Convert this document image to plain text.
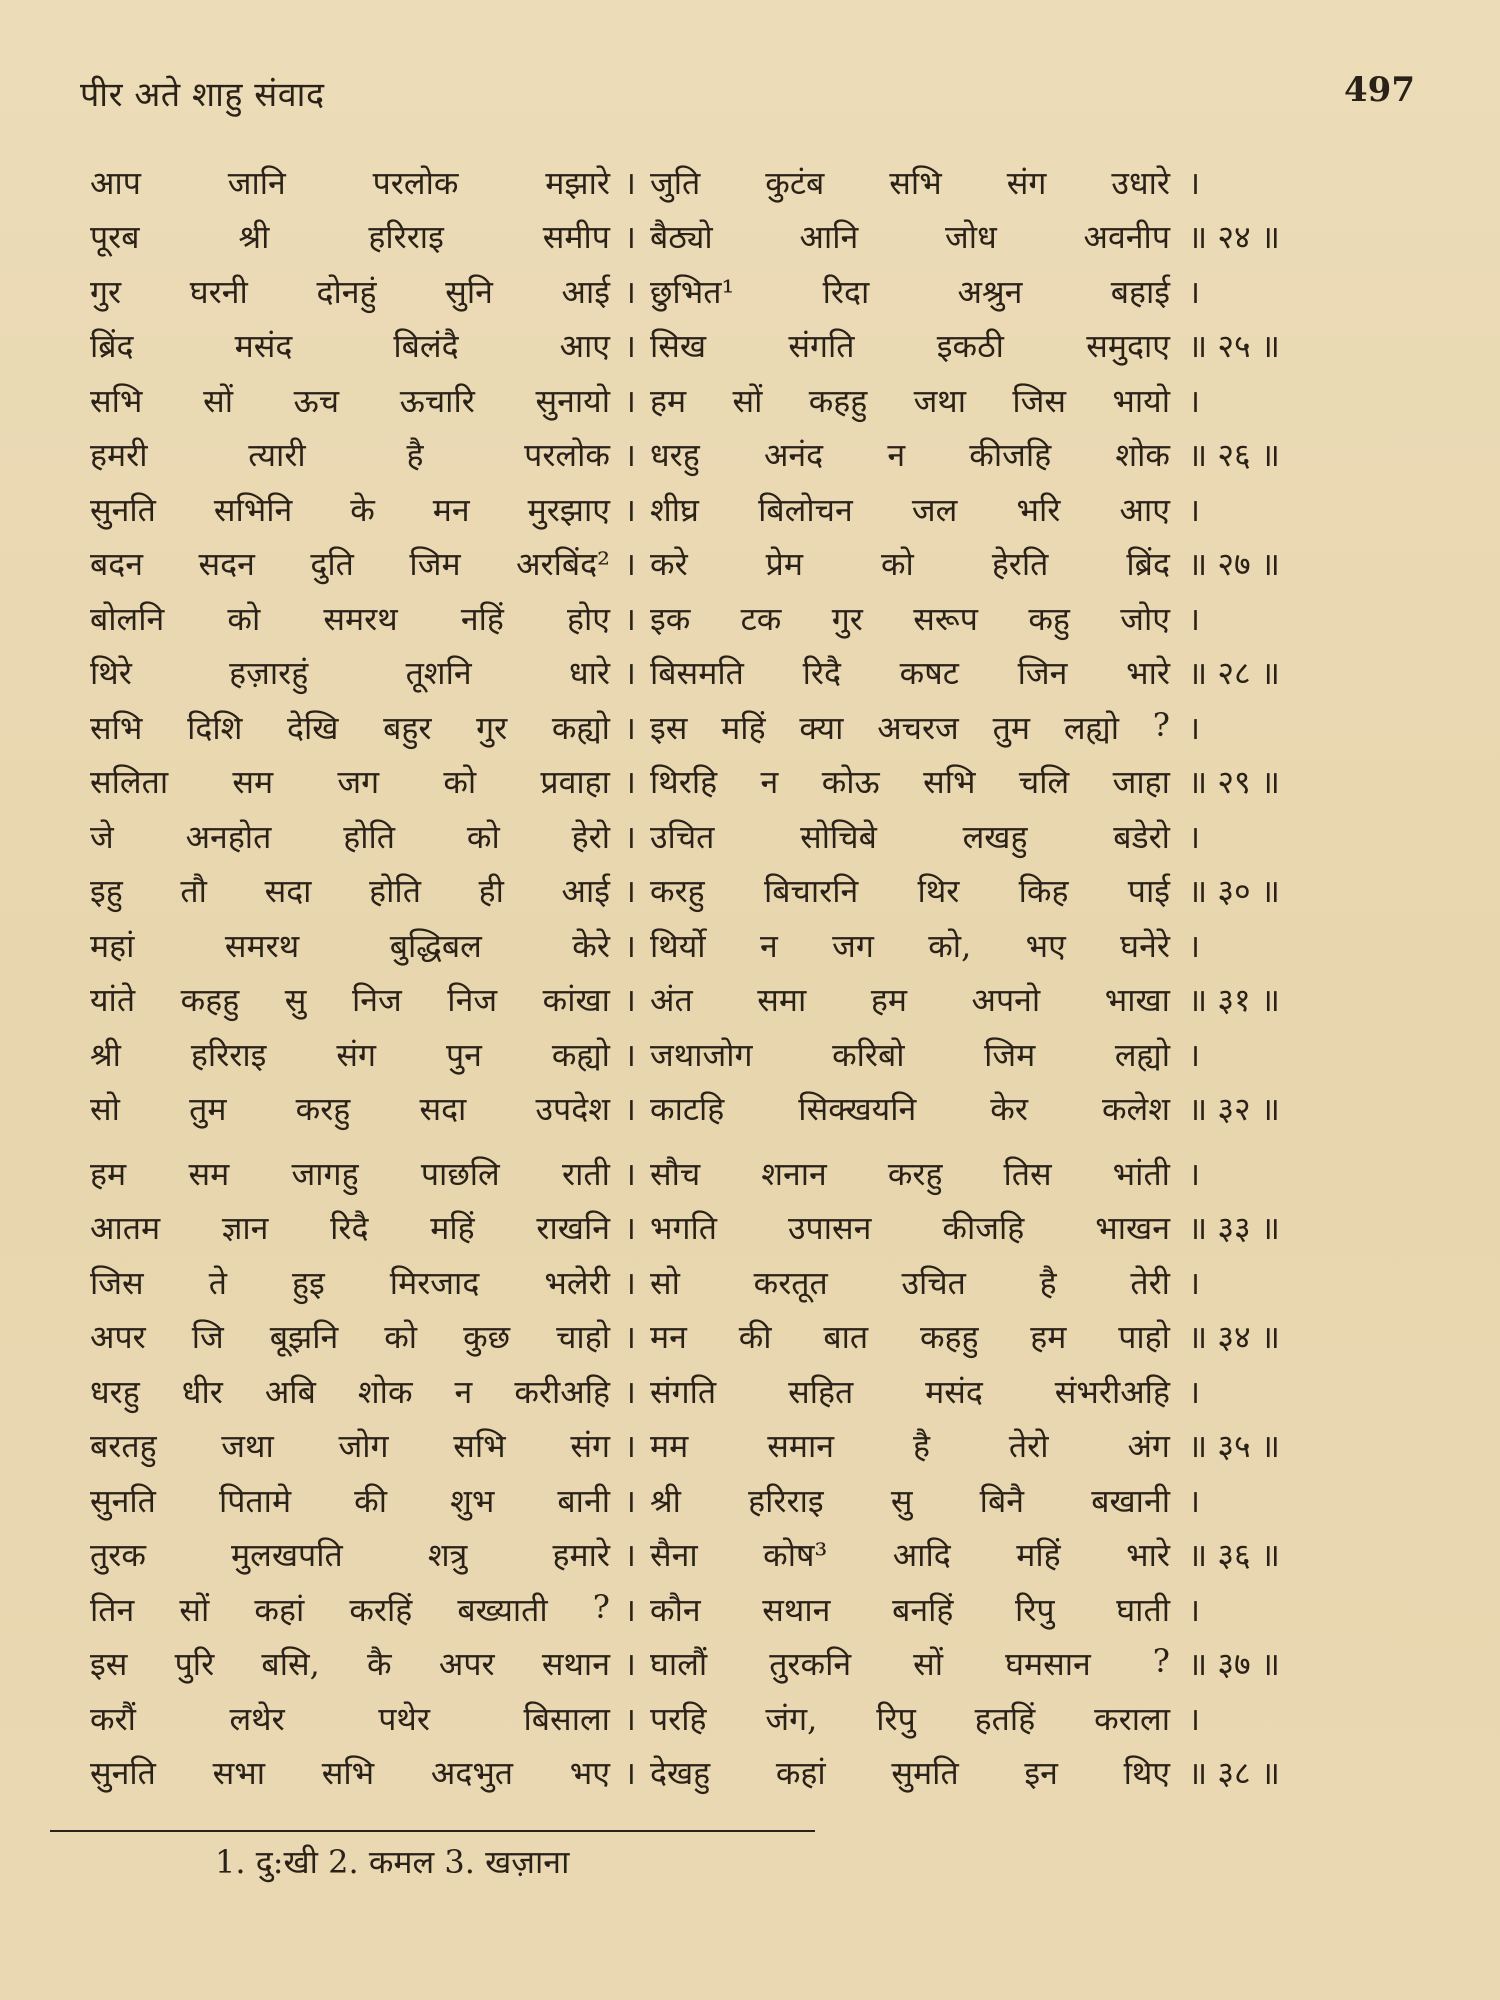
पीर अते शाहु संवाद	497
आप	जानि	परलोक	मझारे । जुति कुटंब सभि संग उधारे ।
पूरब	श्री	हरिराइ	समीप । बैठ्यो	आनि	जोध	अवनीप ॥ २४ ॥
गुर घरनी दोनहुं सुनि आई । छुभित¹	रिदा	अश्रुन	बहाई ।
ब्रिंद	मसंद	बिलंदै	आए । सिख	संगति	इकठी	समुदाए ॥ २५ ॥
सभि सों ऊच ऊचारि सुनायो । हम सों कहहु जथा जिस भायो ।
हमरी	त्यारी	है	परलोक । धरहु अनंद न कीजहि शोक ॥ २६ ॥
सुनति सभिनि के मन मुरझाए । शीघ्र बिलोचन जल भरि आए ।
बदन सदन दुति जिम अरबिंद² । करे प्रेम को हेरति ब्रिंद ॥ २७ ॥
बोलनि को समरथ नहिं होए । इक टक गुर सरूप कहु जोए ।
थिरे	हज़ारहुं	तूशनि	धारे । बिसमति रिदै कषट जिन भारे ॥ २८ ॥
सभि दिशि देखि बहुर गुर कह्यो । इस महिं क्या अचरज तुम लह्यो ? ।
सलिता सम जग को प्रवाहा । थिरहि न कोऊ सभि चलि जाहा ॥ २९ ॥
जे अनहोत होति को हेरो । उचित	सोचिबे	लखहु	बडेरो ।
इहु तौ सदा होति ही आई । करहु बिचारनि थिर किह पाई ॥ ३० ॥
महां	समरथ	बुद्धिबल	केरे । थिर्यो न जग को, भए घनेरे ।
यांते कहहु सु निज निज कांखा । अंत समा हम अपनो भाखा ॥ ३१ ॥
श्री हरिराइ संग पुन कह्यो । जथाजोग करिबो जिम लह्यो ।
सो तुम करहु सदा उपदेश । काटहि सिक्खयनि केर कलेश ॥ ३२ ॥
हम सम जागहु पाछलि राती । सौच शनान करहु तिस भांती ।
आतम ज्ञान रिदै महिं राखनि । भगति उपासन कीजहि भाखन ॥ ३३ ॥
जिस ते हुइ मिरजाद भलेरी । सो करतूत उचित है तेरी ।
अपर जि बूझनि को कुछ चाहो । मन की बात कहहु हम पाहो ॥ ३४ ॥
धरहु धीर अबि शोक न करीअहि । संगति सहित मसंद संभरीअहि ।
बरतहु जथा जोग सभि संग । मम समान है तेरो अंग ॥ ३५ ॥
सुनति पितामे की शुभ बानी । श्री हरिराइ सु बिनै बखानी ।
तुरक	मुलखपति	शत्रु	हमारे । सैना कोष³ आदि महिं भारे ॥ ३६ ॥
तिन सों कहां करहिं बख्याती ? । कौन सथान बनहिं रिपु घाती ।
इस पुरि बसि, कै अपर सथान । घालौं तुरकनि सों घमसान ? ॥ ३७ ॥
करौं	लथेर	पथेर	बिसाला । परहि जंग, रिपु हतहिं कराला ।
सुनति सभा सभि अदभुत भए । देखहु कहां सुमति इन थिए ॥ ३८ ॥
1. दु:खी 2. कमल 3. खज़ाना
